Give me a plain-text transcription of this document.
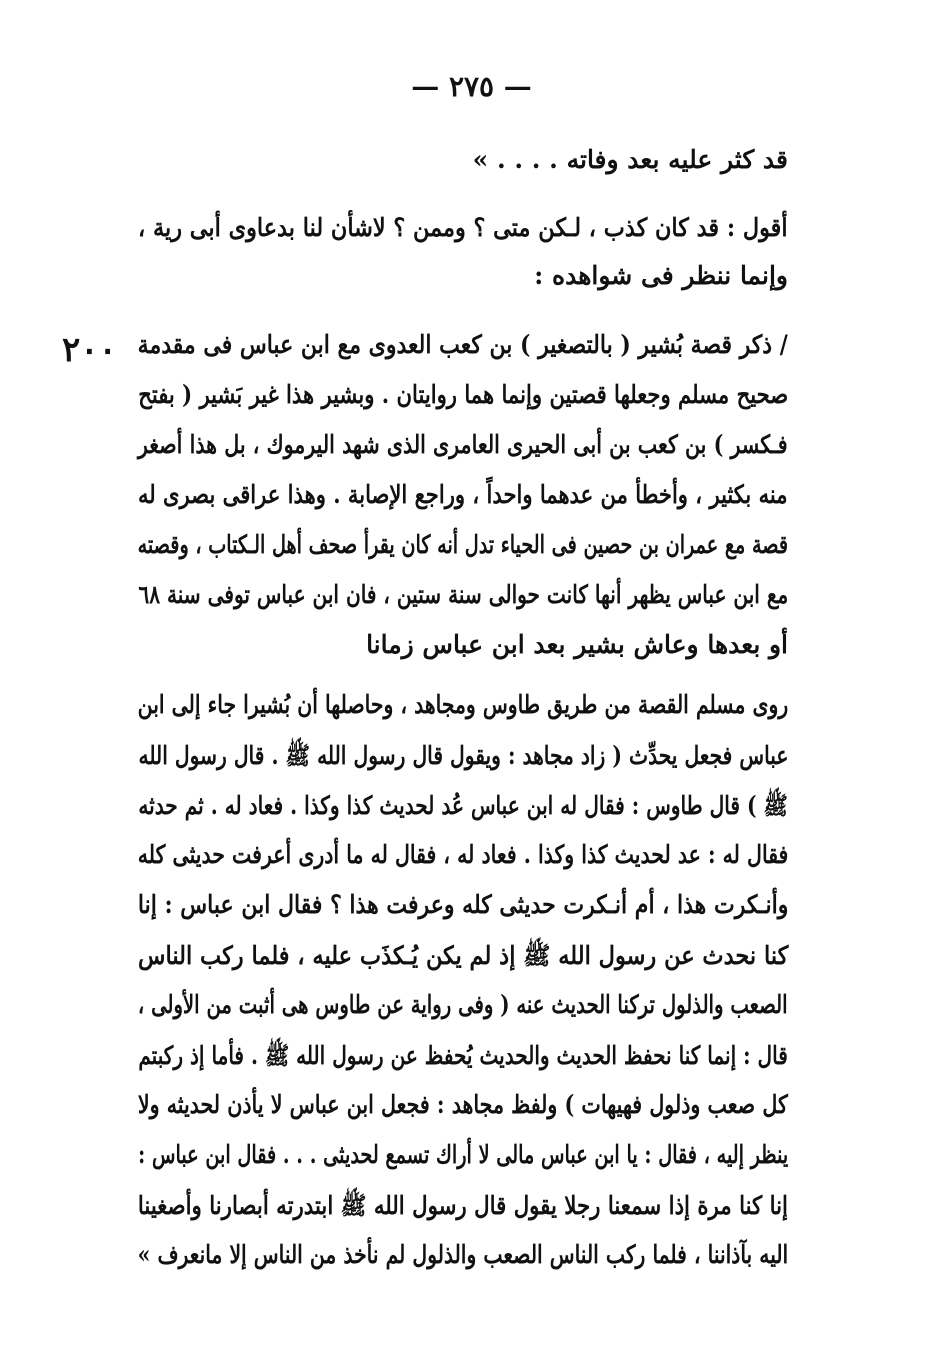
— ٢٧٥ —
٢٠٠
قد كثر عليه بعد وفاته . . . . »
أقول : قد كان كذب ، لـكن متى ؟ وممن ؟ لاشأن لنا بدعاوى أبى رية ،
وإنما ننظر فى شواهده :
/ ذكر قصة بُشير ( بالتصغير ) بن كعب العدوى مع ابن عباس فى مقدمة
صحيح مسلم وجعلها قصتين وإنما هما روايتان . وبشير هذا غير بَشير ( بفتح
فـكسر ) بن كعب بن أبى الحيرى العامرى الذى شهد اليرموك ، بل هذا أصغر
منه بكثير ، وأخطأ من عدهما واحداً ، وراجع الإصابة . وهذا عراقى بصرى له
قصة مع عمران بن حصين فى الحياء تدل أنه كان يقرأ صحف أهل الـكتاب ، وقصته
مع ابن عباس يظهر أنها كانت حوالى سنة ستين ، فان ابن عباس توفى سنة ٦٨
أو بعدها وعاش بشير بعد ابن عباس زمانا
روى مسلم القصة من طريق طاوس ومجاهد ، وحاصلها أن بُشيرا جاء إلى ابن
عباس فجعل يحدِّث ( زاد مجاهد : ويقول قال رسول الله ﷺ . قال رسول الله
ﷺ ) قال طاوس : فقال له ابن عباس عُد لحديث كذا وكذا . فعاد له . ثم حدثه
فقال له : عد لحديث كذا وكذا . فعاد له ، فقال له ما أدرى أعرفت حديثى كله
وأنـكرت هذا ، أم أنـكرت حديثى كله وعرفت هذا ؟ فقال ابن عباس : إنا
كنا نحدث عن رسول الله ﷺ إذ لم يكن يُـكذَب عليه ، فلما ركب الناس
الصعب والذلول تركنا الحديث عنه ( وفى رواية عن طاوس هى أثبت من الأولى ،
قال : إنما كنا نحفظ الحديث والحديث يُحفظ عن رسول الله ﷺ . فأما إذ ركبتم
كل صعب وذلول فهيهات ) ولفظ مجاهد : فجعل ابن عباس لا يأذن لحديثه ولا
ينظر إليه ، فقال : يا ابن عباس مالى لا أراك تسمع لحديثى . . . فقال ابن عباس :
إنا كنا مرة إذا سمعنا رجلا يقول قال رسول الله ﷺ ابتدرته أبصارنا وأصغينا
اليه بآذاننا ، فلما ركب الناس الصعب والذلول لم نأخذ من الناس إلا مانعرف »
